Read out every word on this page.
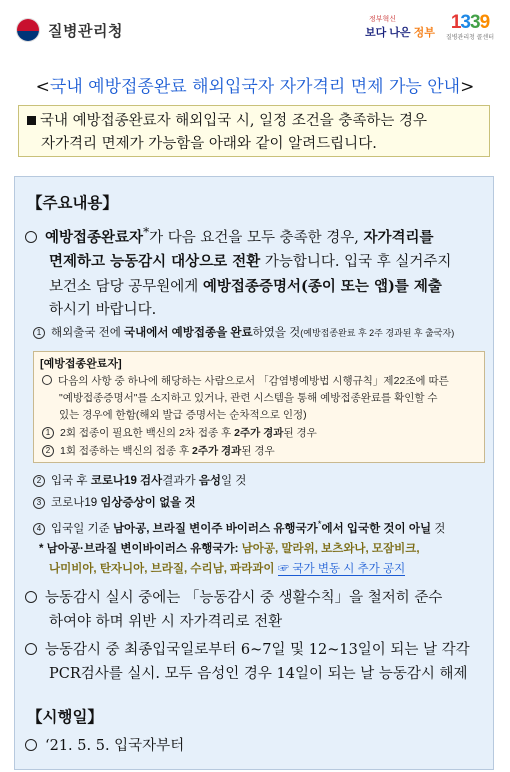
질병관리청
정부혁신
보다 나은 정부 1339
질병관리청 콜센터
<국내 예방접종완료 해외입국자 자가격리 면제 가능 안내>
국내 예방접종완료자 해외입국 시, 일정 조건을 충족하는 경우
자가격리 면제가 가능함을 아래와 같이 알려드립니다.
【주요내용】
예방접종완료자*가 다음 요건을 모두 충족한 경우, 자가격리를
면제하고 능동감시 대상으로 전환 가능합니다. 입국 후 실거주지
보건소 담당 공무원에게 예방접종증명서(종이 또는 앱)를 제출
하시기 바랍니다.
1 해외출국 전에 국내에서 예방접종을 완료하였을 것(예방접종완료 후 2주 경과된 후 출국자)
[예방접종완료자]
다음의 사항 중 하나에 해당하는 사람으로서 「감염병예방법 시행규칙」제22조에 따른
"예방접종증명서"를 소지하고 있거나, 관련 시스템을 통해 예방접종완료를 확인할 수
있는 경우에 한함(해외 발급 증명서는 순차적으로 인정)
1 2회 접종이 필요한 백신의 2차 접종 후 2주가 경과된 경우
2 1회 접종하는 백신의 접종 후 2주가 경과된 경우
2 입국 후 코로나19 검사결과가 음성일 것
3 코로나19 임상증상이 없을 것
4 입국일 기준 남아공, 브라질 변이주 바이러스 유행국가*에서 입국한 것이 아닐 것
* 남아공·브라질 변이바이러스 유행국가: 남아공, 말라위, 보츠와나, 모잠비크,
나미비아, 탄자니아, 브라질, 수리남, 파라과이 ☞ 국가 변동 시 추가 공지
능동감시 실시 중에는 「능동감시 중 생활수칙」을 철저히 준수
하여야 하며 위반 시 자가격리로 전환
능동감시 중 최종입국일로부터 6~7일 및 12~13일이 되는 날 각각
PCR검사를 실시. 모두 음성인 경우 14일이 되는 날 능동감시 해제
【시행일】
‘21. 5. 5. 입국자부터
